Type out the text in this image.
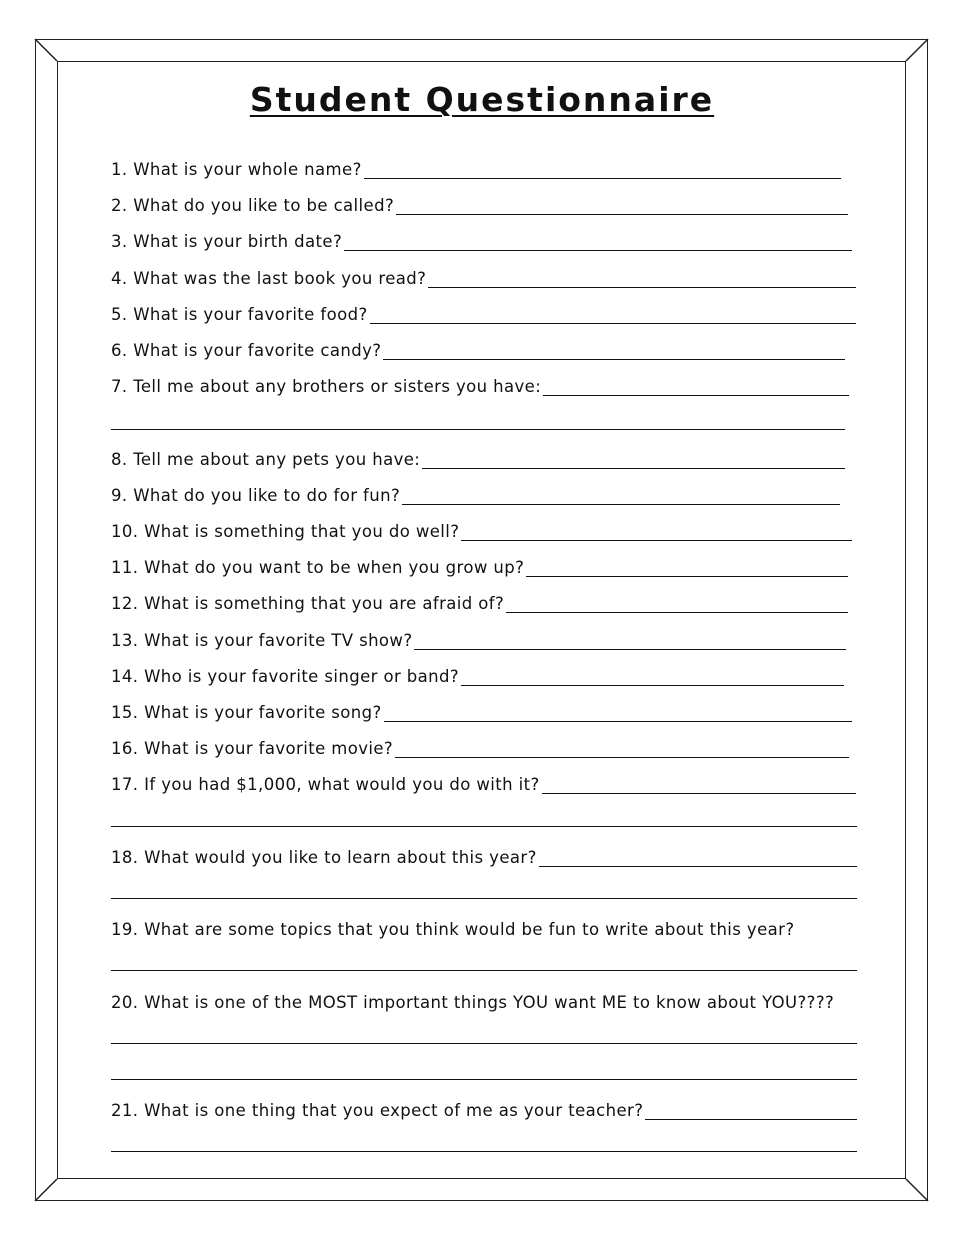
Student Questionnaire
1. What is your whole name?
2. What do you like to be called?
3. What is your birth date?
4. What was the last book you read?
5. What is your favorite food?
6. What is your favorite candy?
7. Tell me about any brothers or sisters you have:
8. Tell me about any pets you have:
9. What do you like to do for fun?
10. What is something that you do well?
11. What do you want to be when you grow up?
12. What is something that you are afraid of?
13. What is your favorite TV show?
14. Who is your favorite singer or band?
15. What is your favorite song?
16. What is your favorite movie?
17. If you had $1,000, what would you do with it?
18. What would you like to learn about this year?
19. What are some topics that you think would be fun to write about this year?
20. What is one of the MOST important things YOU want ME to know about YOU????
21. What is one thing that you expect of me as your teacher?
